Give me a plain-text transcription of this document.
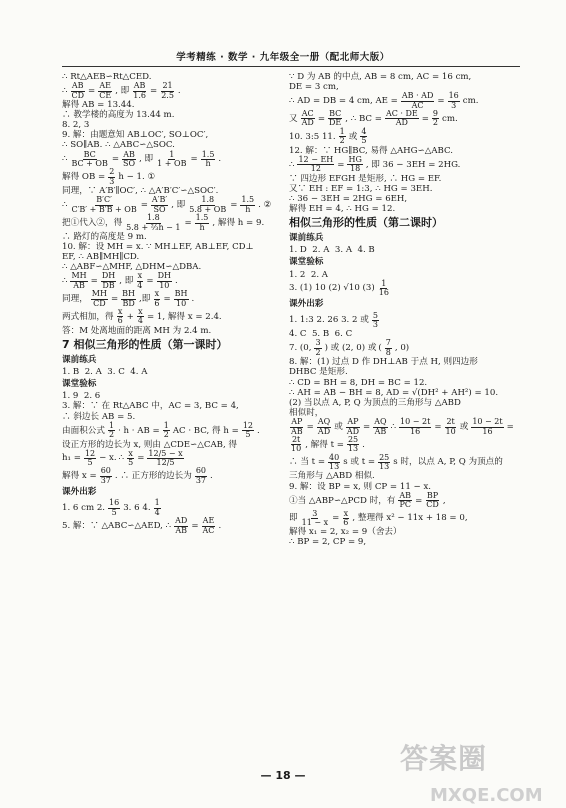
学考精练 · 数学 · 九年级全一册（配北师大版）
∴ Rt△AEB∽Rt△CED.
∴ $\frac{AB}{CD} = \frac{AE}{CE}$ , 即 $\frac{AB}{1.6} = \frac{21}{2.5}$ .
解得 AB = 13.44.
∴ 教学楼的高度为 13.44 m.
8. 2, 3
9. 解：由题意知 AB⊥OC′, SO⊥OC′,
∴ SO∥AB. ∴ △ABC∽△SOC.
∴ $\frac{BC}{BC + OB} = \frac{AB}{SO}$ , 即 $\frac{1}{1 + OB} = \frac{1.5}{h}$ .
解得 OB = $\frac{2}{3}$ h − 1. ①
同理，∵ A′B′∥OC′, ∴ △A′B′C′∽△SOC′.
∴ $\frac{B'C'}{C'B' + B'B + OB} = \frac{A'B'}{SO}$ , 即 $\frac{1.8}{5.8 + OB} = \frac{1.5}{h}$ . ②
把①代入②，得 $\frac{1.8}{\text{5.8 + ⅔h − 1}} = \frac{1.5}{h}$ , 解得 h = 9.
∴ 路灯的高度是 9 m.
10. 解：设 MH = x. ∵ MH⊥EF, AB⊥EF, CD⊥
EF, ∴ AB∥MH∥CD.
∴ △ABF∽△MHF, △DHM∽△DBA.
∴ $\frac{MH}{AB} = \frac{DH}{DB}$ , 即 $\frac{x}{4} = \frac{DH}{10}$ .
同理， $\frac{MH}{CD} = \frac{BH}{BD}$ ,即 $\frac{x}{6} = \frac{BH}{10}$ .
两式相加，得 $\frac{x}{6} + \frac{x}{4} = 1$, 解得 x = 2.4.
答：M 处离地面的距离 MH 为 2.4 m.
7 相似三角形的性质（第一课时）
课前练兵
1. B  2. A  3. C  4. A
课堂验标
1. 9  2. 6
3. 解：∵ 在 Rt△ABC 中，AC = 3, BC = 4,
∴ 斜边长 AB = 5.
由面积公式 $\frac{1}{2} \cdot h$ · AB = $\frac{1}{2}$ AC · BC, 得 $h = \frac{12}{5}$ .
设正方形的边长为 x, 则由 △CDE∽△CAB, 得
$h_1 = \frac{12}{5} - x$. ∴ $\frac{x}{5} = \frac{12/5 - x}{12/5}$
解得 $x = \frac{60}{37}$ . ∴ 正方形的边长为 $\frac{60}{37}$ .
课外出彩
1. 6 cm 2. $\frac{16}{5} 3$. 6 4. $\frac{1}{4}$
5. 解：∵ △ABC∽△AED, ∴ $\frac{AD}{AB} = \frac{AE}{AC}$ .
∵ D 为 AB 的中点, AB = 8 cm, AC = 16 cm,
DE = 3 cm,
∴ AD = DB = 4 cm, AE = $\frac{AB \cdot AD}{AC} = \frac{16}{3}$ cm.
又 $\frac{AC}{AD} = \frac{BC}{DE}$ , ∴ BC = $\frac{AC \cdot DE}{AD} = \frac{9}{2}$ cm.
10. 3:5 11. $\frac{1}{2}$ 或 $\frac{4}{5}$
12. 解：∵ HG∥BC, 易得 △AHG∽△ABC.
∴ $\frac{12 - EH}{12} = \frac{HG}{18}$ , 即 36 − 3EH = 2HG.
∵ 四边形 EFGH 是矩形, ∴ HG = EF.
又∵ EH : EF = 1:3, ∴ HG = 3EH.
∴ 36 − 3EH = 2HG = 6EH,
解得 EH = 4, ∴ HG = 12.
相似三角形的性质（第二课时）
课前练兵
1. D  2. A  3. A  4. B
课堂验标
1. 2  2. A
3. (1) 10 (2) √10 $(3) \frac{1}{16}$
课外出彩
1. 1:3 2. 26 3. 2 或 $\frac{5}{3}$
4. C  5. B  6. C
7. (0, $\frac{3}{2}$ ) 或 (2, 0) 或 ( $\frac{7}{8}$ , 0)
8. 解：(1) 过点 D 作 DH⊥AB 于点 H, 则四边形
DHBC 是矩形.
∴ CD = BH = 8, DH = BC = 12.
∴ AH = AB − BH = 8, AD = √(DH² + AH²) = 10.
(2) 当以点 A, P, Q 为顶点的三角形与 △ABD
相似时，
$\frac{AP}{AB} = \frac{AQ}{AD}$ 或 $\frac{AP}{AD} = \frac{AQ}{AB}$ ∴ $\frac{10 - 2t}{16} = \frac{2t}{10}$ 或 $\frac{10 - 2t}{16}$ =
$\frac{2t}{10}$ , 解得 $t = \frac{25}{13}$ .
∴ 当 $t = \frac{40}{13}$ s 或 $t = \frac{25}{13}$ s 时，以点 A, P, Q 为顶点的
三角形与 △ABD 相似.
9. 解：设 BP = x, 则 CP = 11 − x.
①当 △ABP∽△PCD 时，有 $\frac{AB}{PC} = \frac{BP}{CD}$ ,
即 $\frac{3}{11 - x} = \frac{x}{6}$ , 整理得 x² − 11x + 18 = 0,
解得 x₁ = 2, x₂ = 9（舍去）
∴ BP = 2, CP = 9,
答案圈
MXQE.COM
— 18 —
